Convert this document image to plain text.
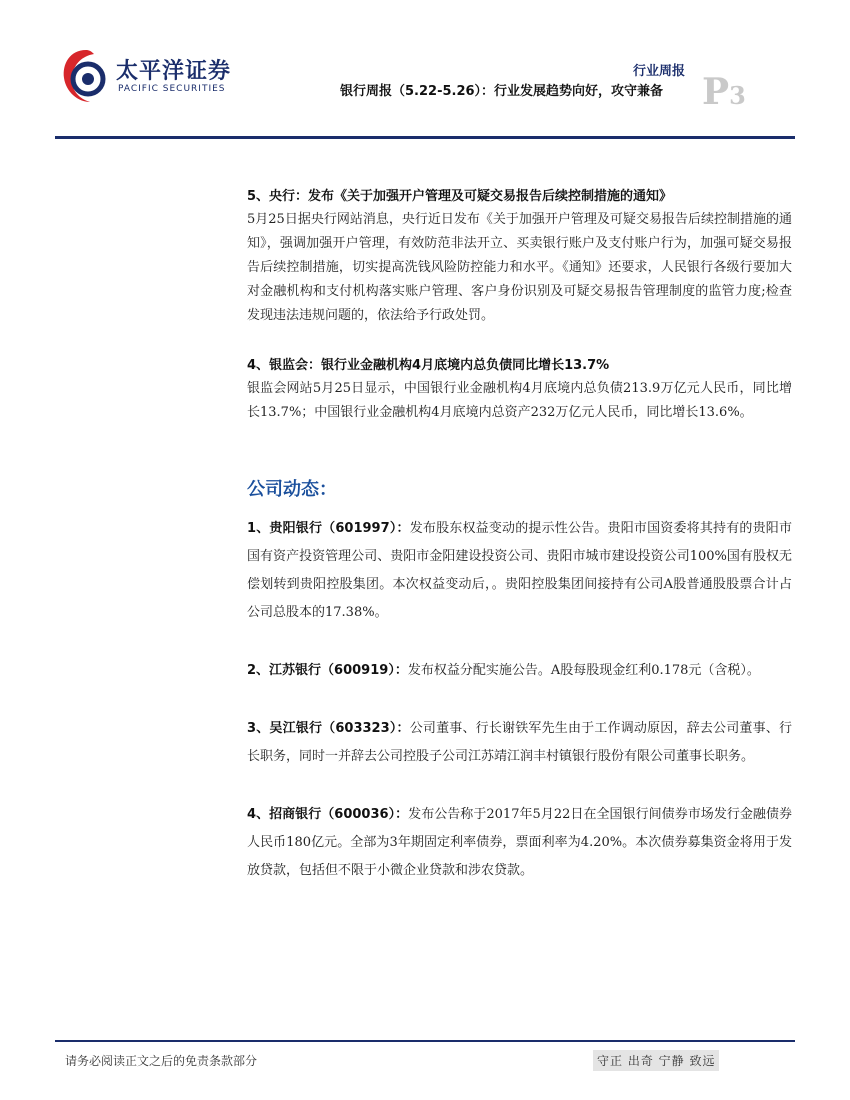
太平洋证券
PACIFIC SECURITIES
行业周报
银行周报（5.22-5.26）：行业发展趋势向好，攻守兼备 P3
5、央行：发布《关于加强开户管理及可疑交易报告后续控制措施的通知》

5月25日据央行网站消息，央行近日发布《关于加强开户管理及可疑交易报告后续控制措施的通知》，强调加强开户管理，有效防范非法开立、买卖银行账户及支付账户行为，加强可疑交易报告后续控制措施，切实提高洗钱风险防控能力和水平。《通知》还要求，人民银行各级行要加大对金融机构和支付机构落实账户管理、客户身份识别及可疑交易报告管理制度的监管力度;检查发现违法违规问题的，依法给予行政处罚。

4、银监会：银行业金融机构4月底境内总负债同比增长13.7%

银监会网站5月25日显示，中国银行业金融机构4月底境内总负债213.9万亿元人民币，同比增长13.7%；中国银行业金融机构4月底境内总资产232万亿元人民币，同比增长13.6%。

公司动态：

1、贵阳银行（601997）：发布股东权益变动的提示性公告。贵阳市国资委将其持有的贵阳市国有资产投资管理公司、贵阳市金阳建设投资公司、贵阳市城市建设投资公司100%国有股权无偿划转到贵阳控股集团。本次权益变动后，。贵阳控股集团间接持有公司A股普通股股票合计占公司总股本的17.38%。

2、江苏银行（600919）：发布权益分配实施公告。A股每股现金红利0.178元（含税）。

3、吴江银行（603323）：公司董事、行长谢铁军先生由于工作调动原因，辞去公司董事、行长职务，同时一并辞去公司控股子公司江苏靖江润丰村镇银行股份有限公司董事长职务。

4、招商银行（600036）：发布公告称于2017年5月22日在全国银行间债券市场发行金融债券人民币180亿元。全部为3年期固定利率债券，票面利率为4.20%。本次债券募集资金将用于发放贷款，包括但不限于小微企业贷款和涉农贷款。

请务必阅读正文之后的免责条款部分	守正 出奇 宁静 致远
